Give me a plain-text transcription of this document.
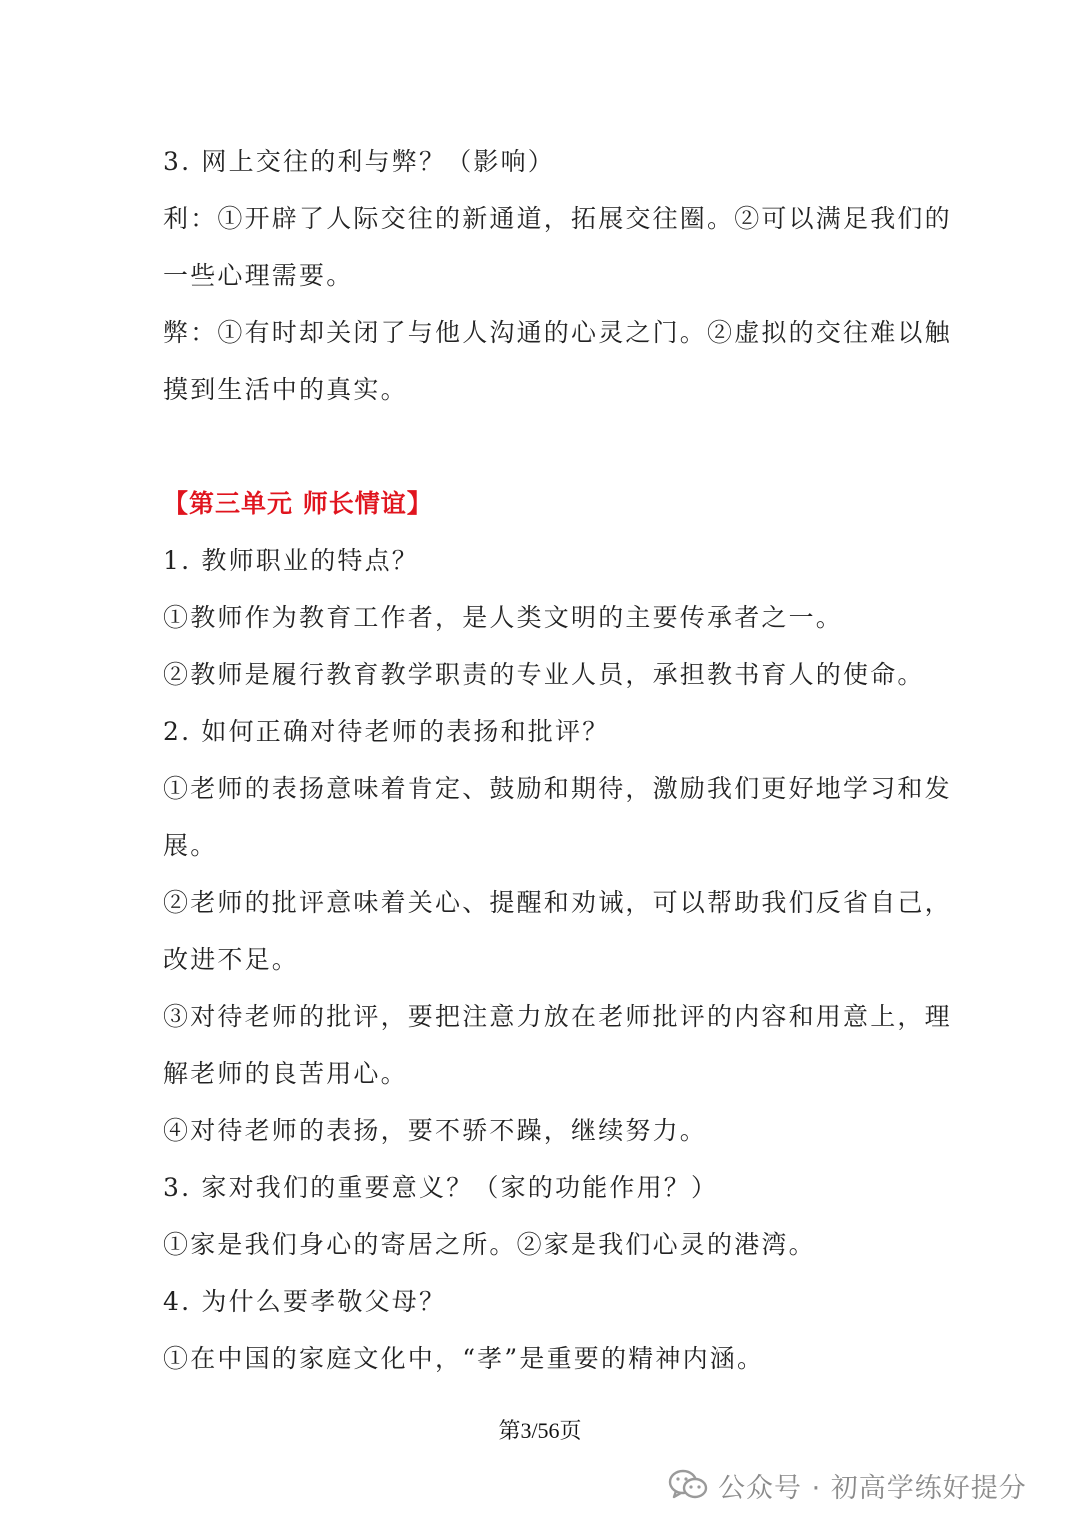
3. 网上交往的利与弊？（影响）
利：①开辟了人际交往的新通道，拓展交往圈。②可以满足我们的
一些心理需要。
弊：①有时却关闭了与他人沟通的心灵之门。②虚拟的交往难以触
摸到生活中的真实。
【第三单元 师长情谊】
1. 教师职业的特点？
①教师作为教育工作者，是人类文明的主要传承者之一。
②教师是履行教育教学职责的专业人员，承担教书育人的使命。
2. 如何正确对待老师的表扬和批评？
①老师的表扬意味着肯定、鼓励和期待，激励我们更好地学习和发
展。
②老师的批评意味着关心、提醒和劝诫，可以帮助我们反省自己，
改进不足。
③对待老师的批评，要把注意力放在老师批评的内容和用意上，理
解老师的良苦用心。
④对待老师的表扬，要不骄不躁，继续努力。
3. 家对我们的重要意义？（家的功能作用？）
①家是我们身心的寄居之所。②家是我们心灵的港湾。
4. 为什么要孝敬父母？
①在中国的家庭文化中，“孝”是重要的精神内涵。
第3/56页
公众号 · 初高学练好提分
